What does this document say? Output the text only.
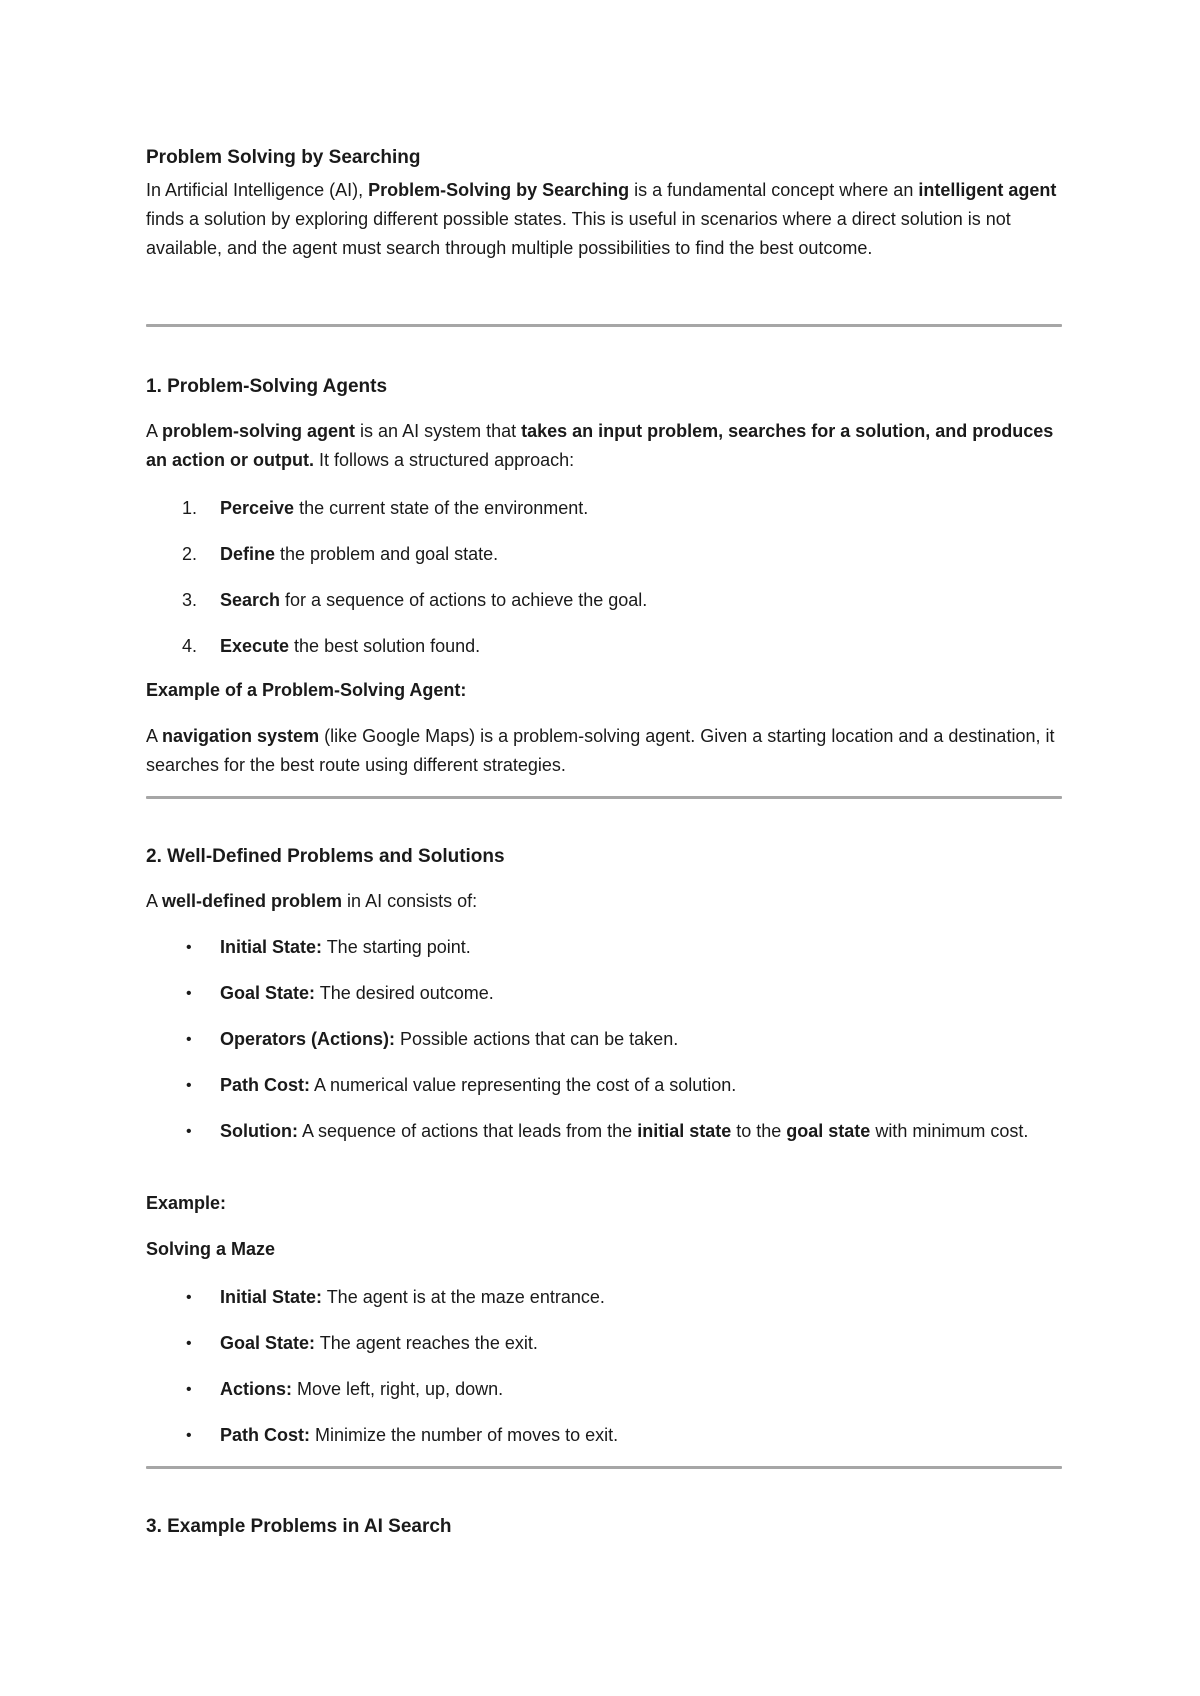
Problem Solving by Searching

In Artificial Intelligence (AI), Problem-Solving by Searching is a fundamental concept where an intelligent agent finds a solution by exploring different possible states. This is useful in scenarios where a direct solution is not available, and the agent must search through multiple possibilities to find the best outcome.

1. Problem-Solving Agents

A problem-solving agent is an AI system that takes an input problem, searches for a solution, and produces an action or output. It follows a structured approach:

1.	Perceive the current state of the environment.
2.	Define the problem and goal state.
3.	Search for a sequence of actions to achieve the goal.
4.	Execute the best solution found.
Example of a Problem-Solving Agent:

A navigation system (like Google Maps) is a problem-solving agent. Given a starting location and a destination, it searches for the best route using different strategies.

2. Well-Defined Problems and Solutions

A well-defined problem in AI consists of:

• Initial State: The starting point.
• Goal State: The desired outcome.
• Operators (Actions): Possible actions that can be taken.
• Path Cost: A numerical value representing the cost of a solution.
• Solution: A sequence of actions that leads from the initial state to the goal state with minimum cost.
Example:
Solving a Maze
• Initial State: The agent is at the maze entrance.
• Goal State: The agent reaches the exit.
• Actions: Move left, right, up, down.
• Path Cost: Minimize the number of moves to exit.
3. Example Problems in AI Search
